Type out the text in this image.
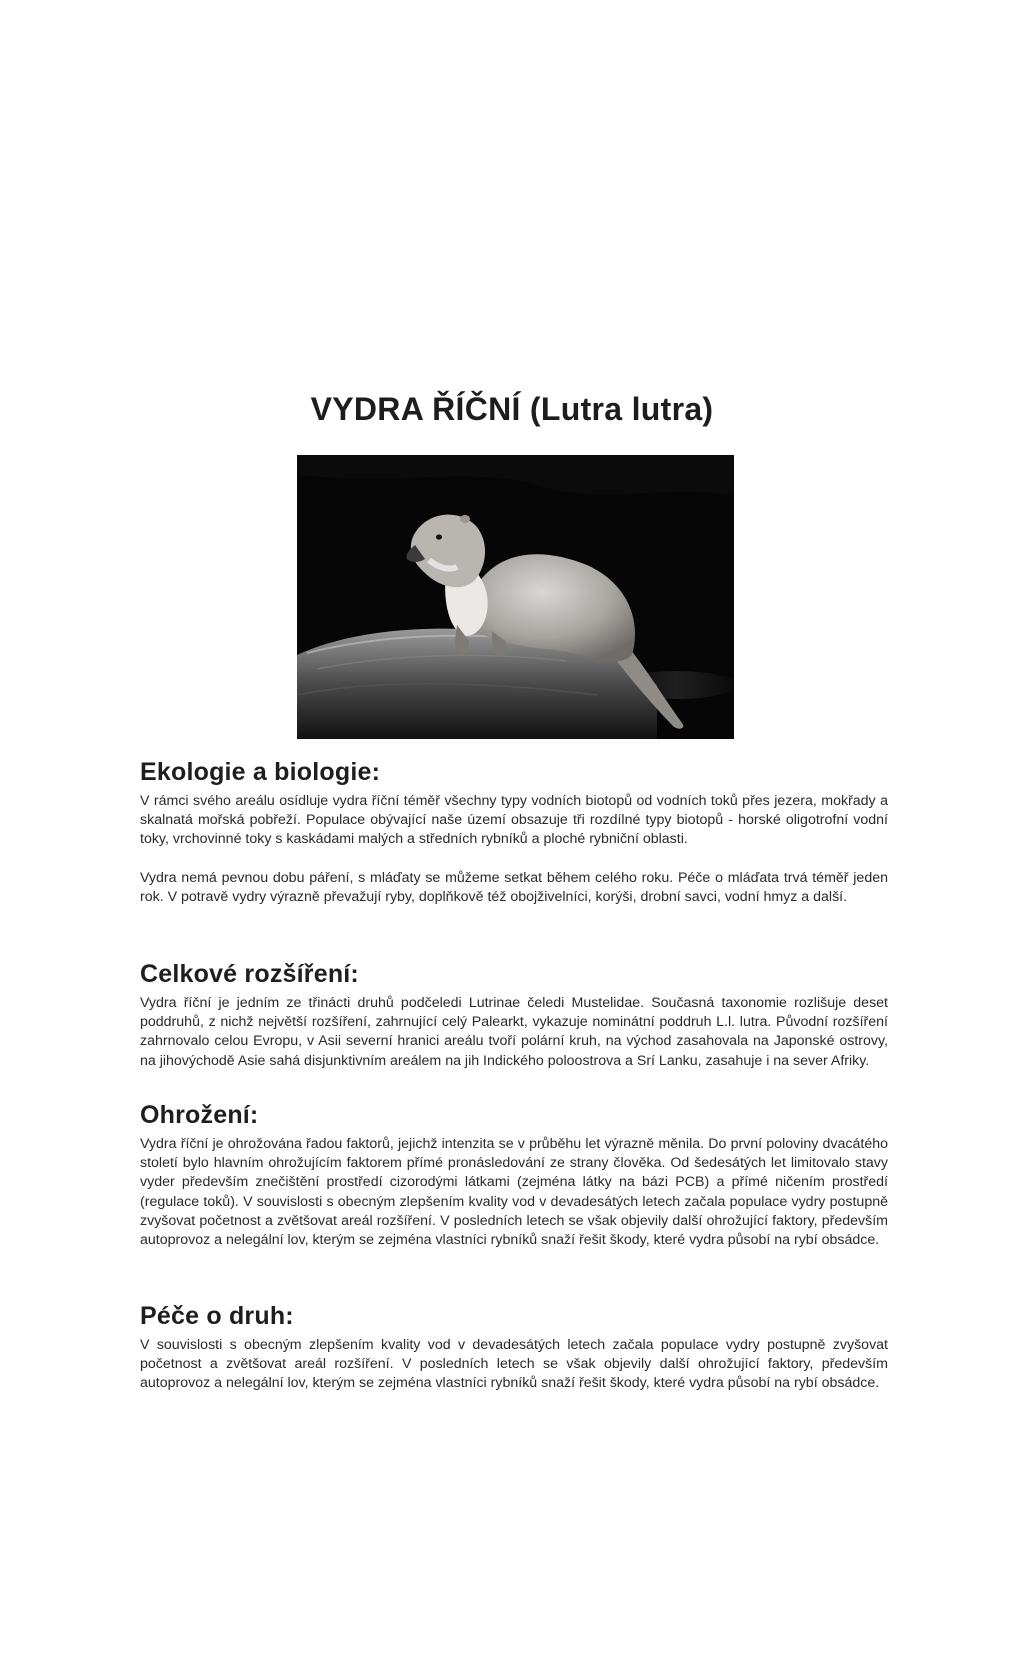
VYDRA ŘÍČNÍ (Lutra lutra)
Ekologie a biologie:

V rámci svého areálu osídluje vydra říční téměř všechny typy vodních biotopů od vodních toků přes jezera, mokřady a skalnatá mořská pobřeží. Populace obývající naše území obsazuje tři rozdílné typy biotopů - horské oligotrofní vodní toky, vrchovinné toky s kaskádami malých a středních rybníků a ploché rybniční oblasti.

Vydra nemá pevnou dobu páření, s mláďaty se můžeme setkat během celého roku. Péče o mláďata trvá téměř jeden rok. V potravě vydry výrazně převažují ryby, doplňkově též obojživelníci, korýši, drobní savci, vodní hmyz a další.

Celkové rozšíření:

Vydra říční je jedním ze třinácti druhů podčeledi Lutrinae čeledi Mustelidae. Současná taxonomie rozlišuje deset poddruhů, z nichž největší rozšíření, zahrnující celý Palearkt, vykazuje nominátní poddruh L.l. lutra. Původní rozšíření zahrnovalo celou Evropu, v Asii severní hranici areálu tvoří polární kruh, na východ zasahovala na Japonské ostrovy, na jihovýchodě Asie sahá disjunktivním areálem na jih Indického poloostrova a Srí Lanku, zasahuje i na sever Afriky.

Ohrožení:

Vydra říční je ohrožována řadou faktorů, jejichž intenzita se v průběhu let výrazně měnila. Do první poloviny dvacátého století bylo hlavním ohrožujícím faktorem přímé pronásledování ze strany člověka. Od šedesátých let limitovalo stavy vyder především znečištění prostředí cizorodými látkami (zejména látky na bázi PCB) a přímé ničením prostředí (regulace toků). V souvislosti s obecným zlepšením kvality vod v devadesátých letech začala populace vydry postupně zvyšovat početnost a zvětšovat areál rozšíření. V posledních letech se však objevily další ohrožující faktory, především autoprovoz a nelegální lov, kterým se zejména vlastníci rybníků snaží řešit škody, které vydra působí na rybí obsádce.

Péče o druh:

V souvislosti s obecným zlepšením kvality vod v devadesátých letech začala populace vydry postupně zvyšovat početnost a zvětšovat areál rozšíření. V posledních letech se však objevily další ohrožující faktory, především autoprovoz a nelegální lov, kterým se zejména vlastníci rybníků snaží řešit škody, které vydra působí na rybí obsádce.
